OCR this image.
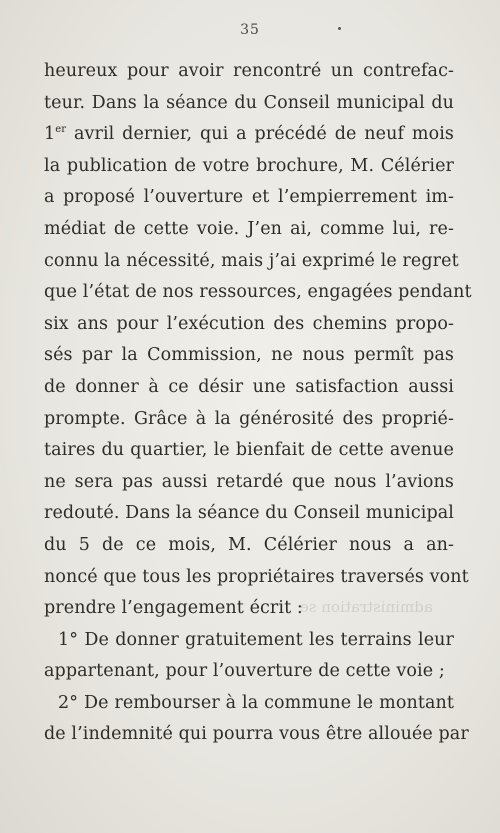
35
heureux pour avoir rencontré un contrefac-
teur. Dans la séance du Conseil municipal du
1er avril dernier, qui a précédé de neuf mois
la publication de votre brochure, M. Célérier
a proposé l’ouverture et l’empierrement im-
médiat de cette voie. J’en ai, comme lui, re-
connu la nécessité, mais j’ai exprimé le regret
que l’état de nos ressources, engagées pendant
six ans pour l’exécution des chemins propo-
sés par la Commission, ne nous permît pas
de donner à ce désir une satisfaction aussi
prompte. Grâce à la générosité des proprié-
taires du quartier, le bienfait de cette avenue
ne sera pas aussi retardé que nous l’avions
redouté. Dans la séance du Conseil municipal
du 5 de ce mois, M. Célérier nous a an-
noncé que tous les propriétaires traversés vont
prendre l’engagement écrit :
1° De donner gratuitement les terrains leur
appartenant, pour l’ouverture de cette voie ;
2° De rembourser à la commune le montant
de l’indemnité qui pourra vous être allouée par
administration se
